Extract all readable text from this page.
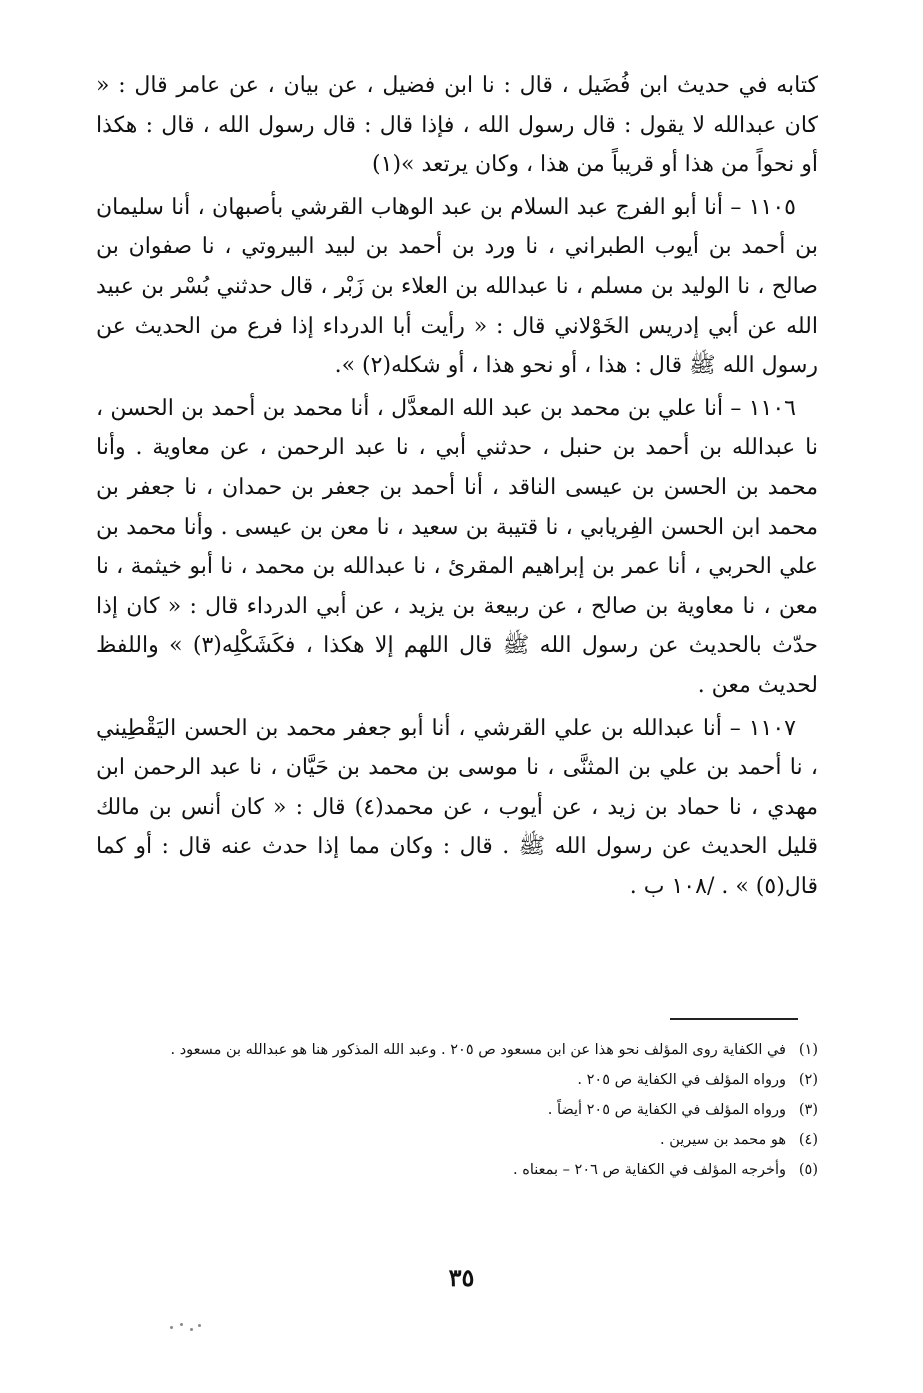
كتابه في حديث ابن فُضَيل ، قال : نا ابن فضيل ، عن بيان ، عن عامر قال : « كان عبدالله لا يقول : قال رسول الله ، فإذا قال : قال رسول الله ، قال : هكذا أو نحواً من هذا أو قريباً من هذا ، وكان يرتعد »(١)

١١٠٥ – أنا أبو الفرج عبد السلام بن عبد الوهاب القرشي بأصبهان ، أنا سليمان بن أحمد بن أيوب الطبراني ، نا ورد بن أحمد بن لبيد البيروتي ، نا صفوان بن صالح ، نا الوليد بن مسلم ، نا عبدالله بن العلاء بن زَبْر ، قال حدثني بُسْر بن عبيد الله عن أبي إدريس الخَوْلاني قال : « رأيت أبا الدرداء إذا فرع من الحديث عن رسول الله ﷺ قال : هذا ، أو نحو هذا ، أو شكله(٢) ».

١١٠٦ – أنا علي بن محمد بن عبد الله المعدَّل ، أنا محمد بن أحمد بن الحسن ، نا عبدالله بن أحمد بن حنبل ، حدثني أبي ، نا عبد الرحمن ، عن معاوية . وأنا محمد بن الحسن بن عيسى الناقد ، أنا أحمد بن جعفر بن حمدان ، نا جعفر بن محمد ابن الحسن الفِريابي ، نا قتيبة بن سعيد ، نا معن بن عيسى . وأنا محمد بن علي الحربي ، أنا عمر بن إبراهيم المقرئ ، نا عبدالله بن محمد ، نا أبو خيثمة ، نا معن ، نا معاوية بن صالح ، عن ربيعة بن يزيد ، عن أبي الدرداء قال : « كان إذا حدّث بالحديث عن رسول الله ﷺ قال اللهم إلا هكذا ، فكَشَكْلِه(٣) » واللفظ لحديث معن .

١١٠٧ – أنا عبدالله بن علي القرشي ، أنا أبو جعفر محمد بن الحسن اليَقْطِيني ، نا أحمد بن علي بن المثنَّى ، نا موسى بن محمد بن حَيَّان ، نا عبد الرحمن ابن مهدي ، نا حماد بن زيد ، عن أيوب ، عن محمد(٤) قال : « كان أنس بن مالك قليل الحديث عن رسول الله ﷺ . قال : وكان مما إذا حدث عنه قال : أو كما قال(٥) » . /١٠٨ ب .

(١)في الكفاية روى المؤلف نحو هذا عن ابن مسعود ص ٢٠٥ . وعبد الله المذكور هنا هو عبدالله بن مسعود .

(٢)ورواه المؤلف في الكفاية ص ٢٠٥ .

(٣)ورواه المؤلف في الكفاية ص ٢٠٥ أيضاً .

(٤)هو محمد بن سيرين .

(٥)وأخرجه المؤلف في الكفاية ص ٢٠٦ – بمعناه .

٣٥
